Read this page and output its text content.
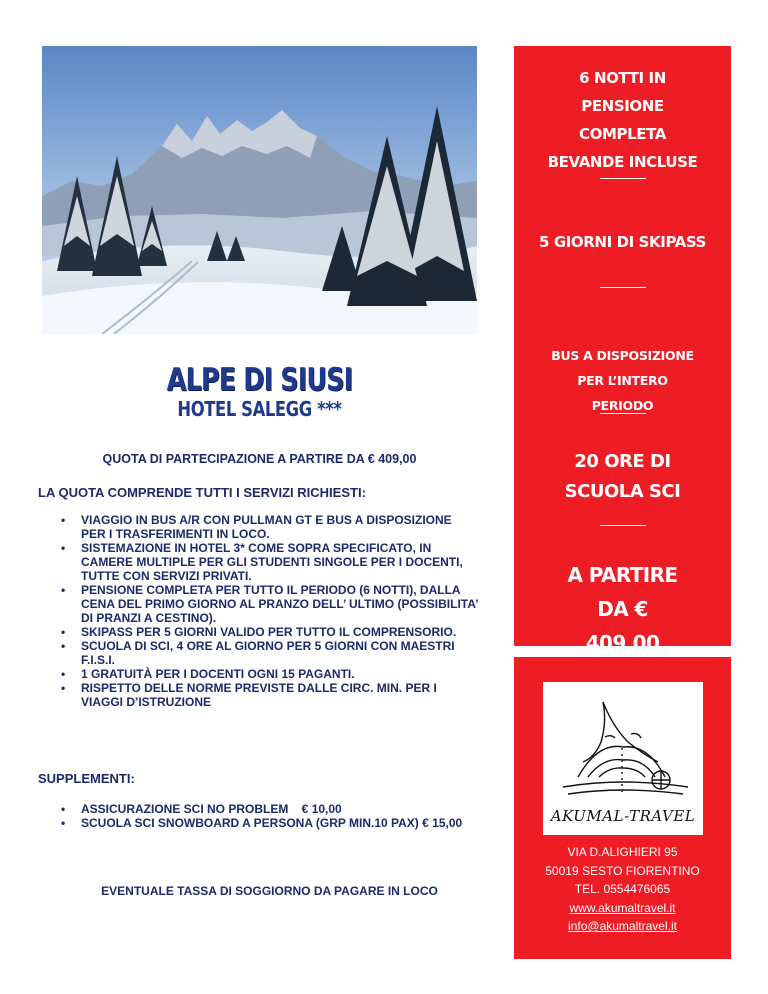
ALPE DI SIUSI
HOTEL SALEGG ***
QUOTA DI PARTECIPAZIONE A PARTIRE DA € 409,00
LA QUOTA COMPRENDE TUTTI I SERVIZI RICHIESTI:
• VIAGGIO IN BUS A/R CON PULLMAN GT E BUS A DISPOSIZIONE PER I TRASFERIMENTI IN LOCO.
• SISTEMAZIONE IN HOTEL 3* COME SOPRA SPECIFICATO, IN CAMERE MULTIPLE PER GLI STUDENTI SINGOLE PER I DOCENTI, TUTTE CON SERVIZI PRIVATI.
• PENSIONE COMPLETA PER TUTTO IL PERIODO (6 NOTTI), DALLA CENA DEL PRIMO GIORNO AL PRANZO DELL’ ULTIMO (POSSIBILITA’ DI PRANZI A CESTINO).
• SKIPASS PER 5 GIORNI VALIDO PER TUTTO IL COMPRENSORIO.
• SCUOLA DI SCI, 4 ORE AL GIORNO PER 5 GIORNI CON MAESTRI F.I.S.I.
• 1 GRATUITÀ PER I DOCENTI OGNI 15 PAGANTI.
• RISPETTO DELLE NORME PREVISTE DALLE CIRC. MIN. PER I VIAGGI D’ISTRUZIONE
SUPPLEMENTI:
• ASSICURAZIONE SCI NO PROBLEM    € 10,00
• SCUOLA SCI SNOWBOARD A PERSONA (GRP MIN.10 PAX) € 15,00
EVENTUALE TASSA DI SOGGIORNO DA PAGARE IN LOCO
6 NOTTI IN PENSIONE COMPLETA BEVANDE INCLUSE
5 GIORNI DI SKIPASS
BUS A DISPOSIZIONE PER L’INTERO PERIODO
20 ORE DI SCUOLA SCI
A PARTIRE DA € 409,00
AKUMAL-TRAVEL
VIA D.ALIGHIERI 95
50019 SESTO FIORENTINO
TEL. 0554476065
www.akumaltravel.it
info@akumaltravel.it
